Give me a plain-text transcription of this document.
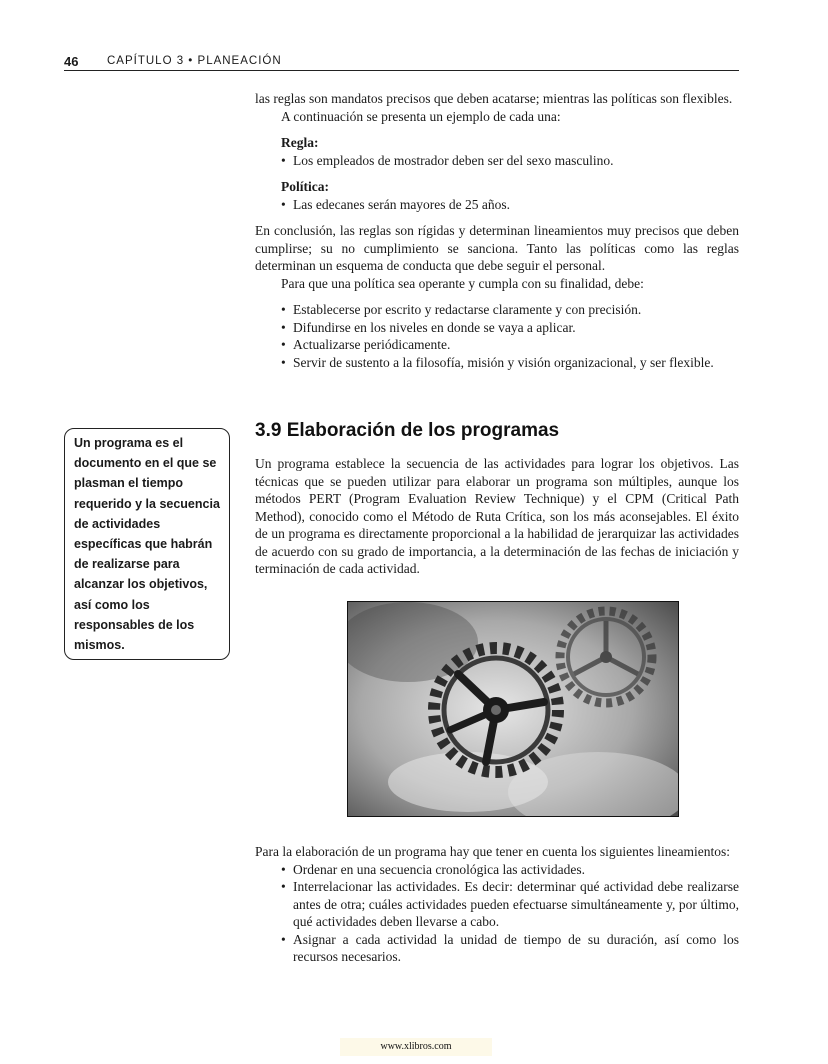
46 CAPÍTULO 3 • PLANEACIÓN

las reglas son mandatos precisos que deben acatarse; mientras las políticas son flexibles.

A continuación se presenta un ejemplo de cada una:

Regla:

• Los empleados de mostrador deben ser del sexo masculino.

Política:

• Las edecanes serán mayores de 25 años.

En conclusión, las reglas son rígidas y determinan lineamientos muy precisos que deben cumplirse; su no cumplimiento se sanciona. Tanto las políticas como las reglas determinan un esquema de conducta que debe seguir el personal.

Para que una política sea operante y cumpla con su finalidad, debe:

• Establecerse por escrito y redactarse claramente y con precisión.
• Difundirse en los niveles en donde se vaya a aplicar.
• Actualizarse periódicamente.
• Servir de sustento a la filosofía, misión y visión organizacional, y ser flexible.
3.9 Elaboración de los programas
Un programa es el documento en el que se plasman el tiempo requerido y la secuencia de actividades específicas que habrán de realizarse para alcanzar los objetivos, así como los responsables de los mismos.

Un programa establece la secuencia de las actividades para lograr los objetivos. Las técnicas que se pueden utilizar para elaborar un programa son múltiples, aunque los métodos PERT (Program Evaluation Review Technique) y el CPM (Critical Path Method), conocido como el Método de Ruta Crítica, son los más aconsejables. El éxito de un programa es directamente proporcional a la habilidad de jerarquizar las actividades de acuerdo con su grado de importancia, a la determinación de las fechas de iniciación y terminación de cada actividad.

Para la elaboración de un programa hay que tener en cuenta los siguientes lineamientos:

• Ordenar en una secuencia cronológica las actividades.
• Interrelacionar las actividades. Es decir: determinar qué actividad debe realizarse antes de otra; cuáles actividades pueden efectuarse simultáneamente y, por último, qué actividades deben llevarse a cabo.
• Asignar a cada actividad la unidad de tiempo de su duración, así como los recursos necesarios.
www.xlibros.com
